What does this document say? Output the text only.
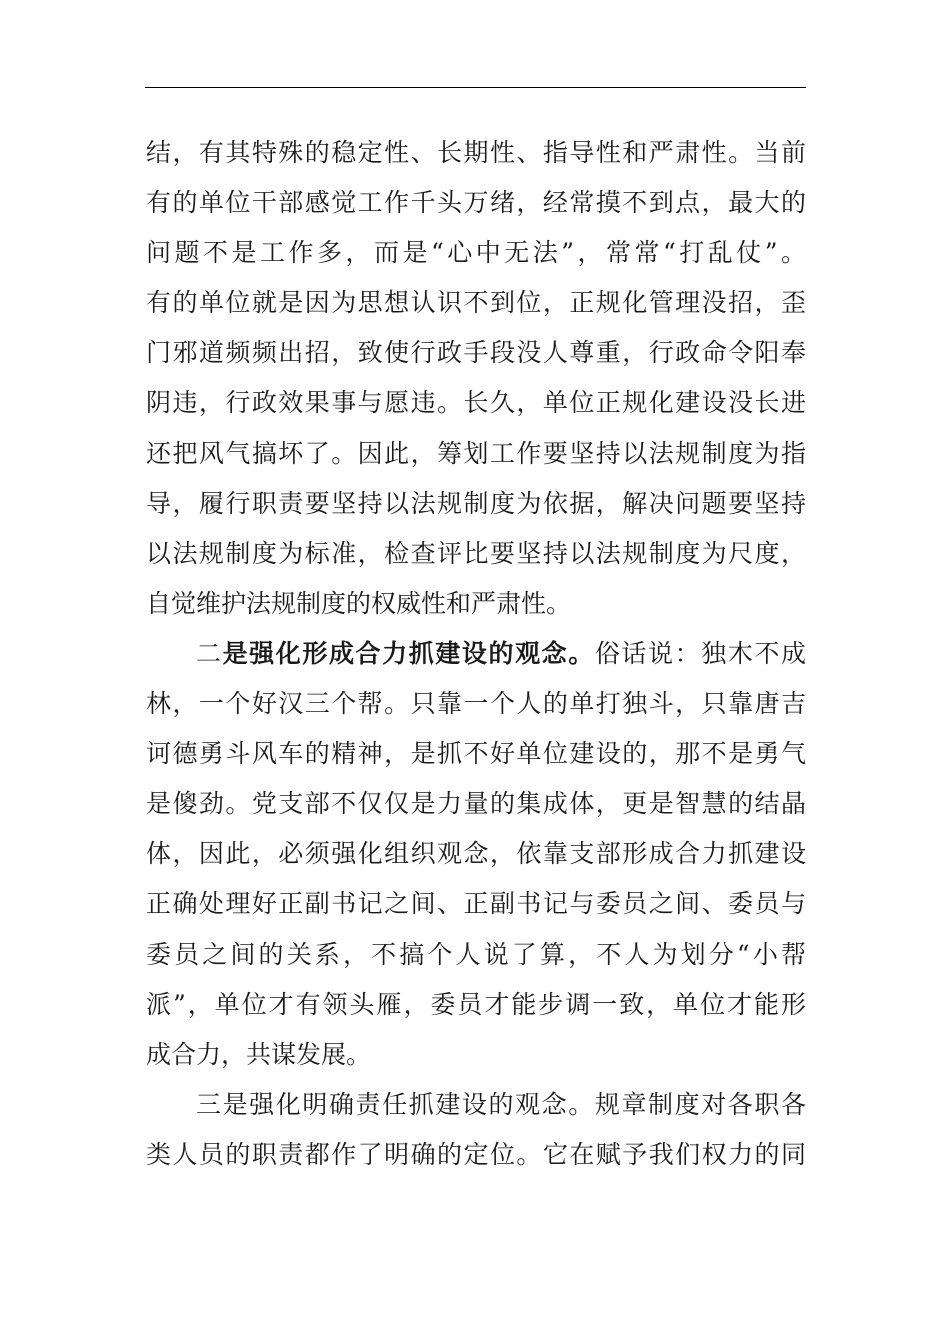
结，有其特殊的稳定性、长期性、指导性和严肃性。当前
有的单位干部感觉工作千头万绪，经常摸不到点，最大的
问题不是工作多，而是“心中无法”，常常“打乱仗”。
有的单位就是因为思想认识不到位，正规化管理没招，歪
门邪道频频出招，致使行政手段没人尊重，行政命令阳奉
阴违，行政效果事与愿违。长久，单位正规化建设没长进
还把风气搞坏了。因此，筹划工作要坚持以法规制度为指
导，履行职责要坚持以法规制度为依据，解决问题要坚持
以法规制度为标准，检查评比要坚持以法规制度为尺度，
自觉维护法规制度的权威性和严肃性。
二是强化形成合力抓建设的观念。俗话说：独木不成
林，一个好汉三个帮。只靠一个人的单打独斗，只靠唐吉
诃德勇斗风车的精神，是抓不好单位建设的，那不是勇气
是傻劲。党支部不仅仅是力量的集成体，更是智慧的结晶
体，因此，必须强化组织观念，依靠支部形成合力抓建设
正确处理好正副书记之间、正副书记与委员之间、委员与
委员之间的关系，不搞个人说了算，不人为划分“小帮
派”，单位才有领头雁，委员才能步调一致，单位才能形
成合力，共谋发展。
三是强化明确责任抓建设的观念。规章制度对各职各
类人员的职责都作了明确的定位。它在赋予我们权力的同
